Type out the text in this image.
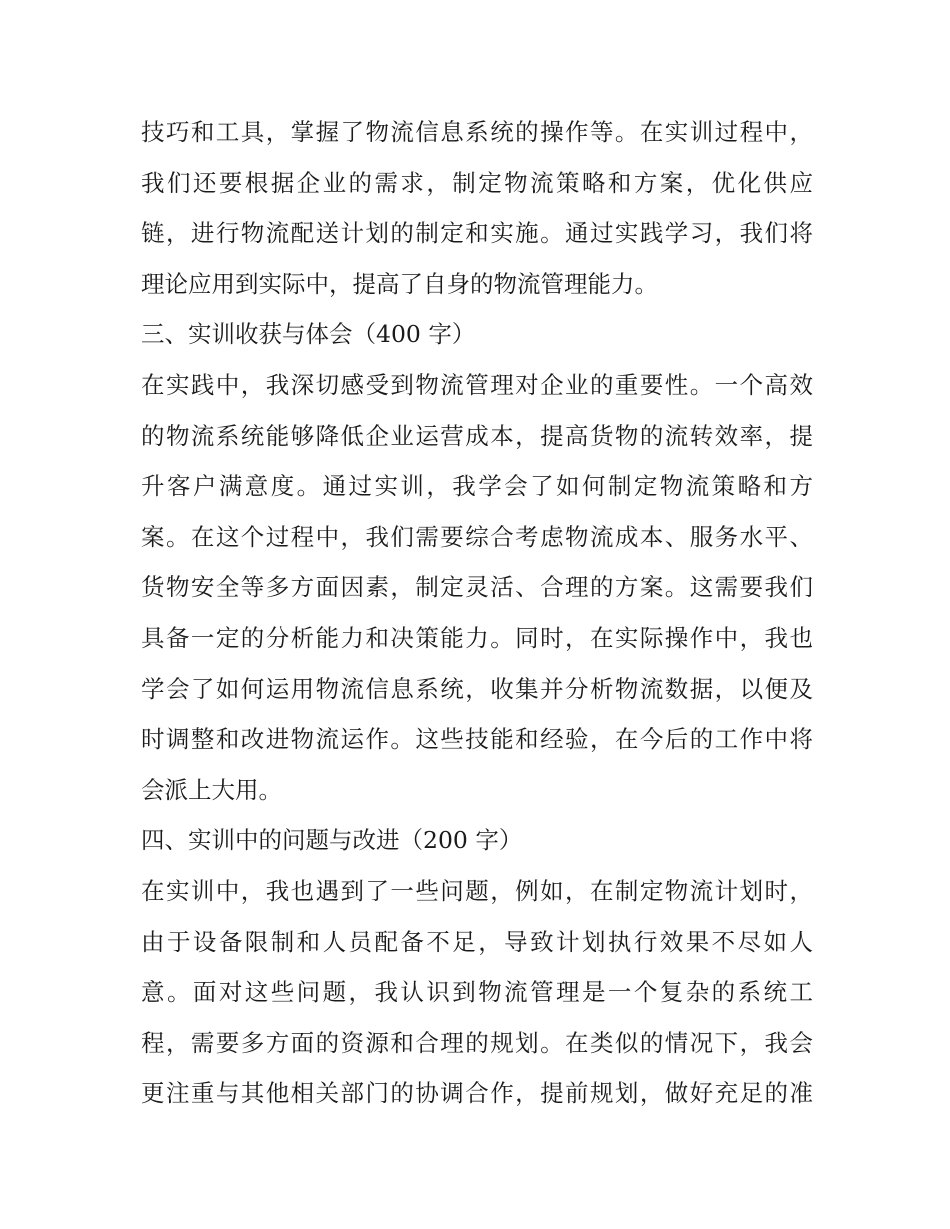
技巧和工具，掌握了物流信息系统的操作等。在实训过程中，
我们还要根据企业的需求，制定物流策略和方案，优化供应
链，进行物流配送计划的制定和实施。通过实践学习，我们将
理论应用到实际中，提高了自身的物流管理能力。
三、实训收获与体会（400 字）
在实践中，我深切感受到物流管理对企业的重要性。一个高效
的物流系统能够降低企业运营成本，提高货物的流转效率，提
升客户满意度。通过实训，我学会了如何制定物流策略和方
案。在这个过程中，我们需要综合考虑物流成本、服务水平、
货物安全等多方面因素，制定灵活、合理的方案。这需要我们
具备一定的分析能力和决策能力。同时，在实际操作中，我也
学会了如何运用物流信息系统，收集并分析物流数据，以便及
时调整和改进物流运作。这些技能和经验，在今后的工作中将
会派上大用。
四、实训中的问题与改进（200 字）
在实训中，我也遇到了一些问题，例如，在制定物流计划时，
由于设备限制和人员配备不足，导致计划执行效果不尽如人
意。面对这些问题，我认识到物流管理是一个复杂的系统工
程，需要多方面的资源和合理的规划。在类似的情况下，我会
更注重与其他相关部门的协调合作，提前规划，做好充足的准
